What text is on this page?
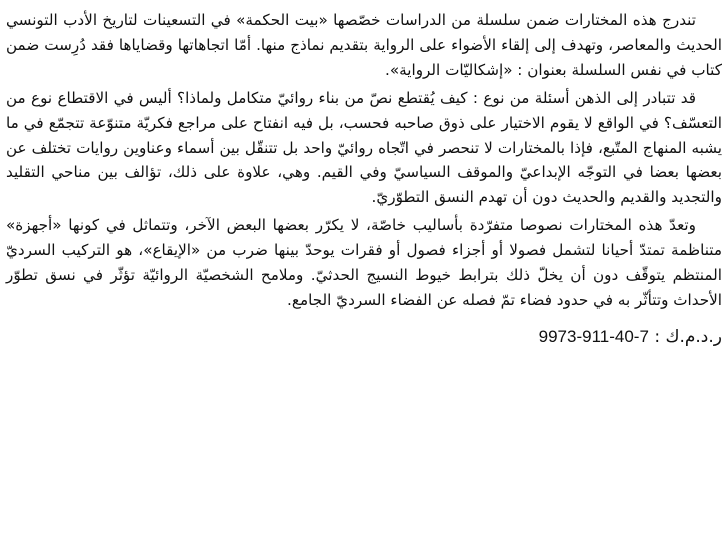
تندرج هذه المختارات ضمن سلسلة من الدراسات خصّصها «بيت الحكمة» في التسعينات لتاريخ الأدب التونسي الحديث والمعاصر، وتهدف إلى إلقاء الأضواء على الرواية بتقديم نماذج منها. أمّا اتجاهاتها وقضاياها فقد دُرِست ضمن كتاب في نفس السلسلة بعنوان : «إشكاليّات الرواية».

قد تتبادر إلى الذهن أسئلة من نوع : كيف يُقتطع نصّ من بناء روائيّ متكامل ولماذا؟ أليس في الاقتطاع نوع من التعسّف؟ في الواقع لا يقوم الاختيار على ذوق صاحبه فحسب، بل فيه انفتاح على مراجع فكريّة متنوّعة تتجمّع في ما يشبه المنهاج المتّبع، فإذا بالمختارات لا تنحصر في اتّجاه روائيّ واحد بل تتنقّل بين أسماء وعناوين روايات تختلف عن بعضها بعضا في التوجّه الإبداعيّ والموقف السياسيّ وفي القيم. وهي، علاوة على ذلك، تؤالف بين مناحي التقليد والتجديد والقديم والحديث دون أن تهدم النسق التطوّريّ.

وتعدّ هذه المختارات نصوصا متفرّدة بأساليب خاصّة، لا يكرّر بعضها البعض الآخر، وتتماثل في كونها «أجهزة» متناظمة تمتدّ أحيانا لتشمل فصولا أو أجزاء فصول أو فقرات يوحدّ بينها ضرب من «الإيقاع»، هو التركيب السرديّ المنتظم يتوقّف دون أن يخلّ ذلك بترابط خيوط النسيج الحدثيّ. وملامح الشخصيّة الروائيّة تؤثّر في نسق تطوّر الأحداث وتتأثّر به في حدود فضاء تمّ فصله عن الفضاء السرديّ الجامع.

ر.د.م.ك : 9973-911-40-7
